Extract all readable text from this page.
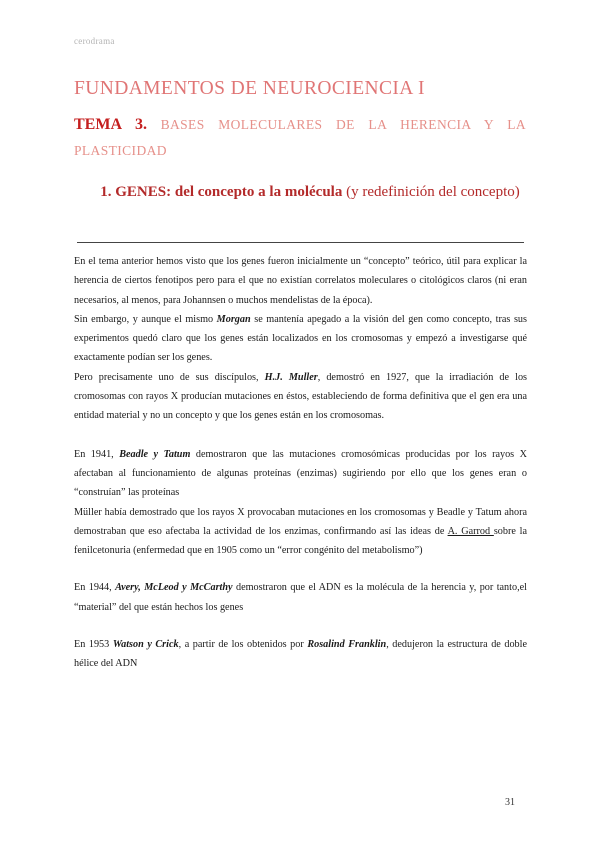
cerodrama
FUNDAMENTOS DE NEUROCIENCIA I
TEMA 3. BASES MOLECULARES DE LA HERENCIA Y LA PLASTICIDAD
1. GENES: del concepto a la molécula (y redefinición del concepto)

En el tema anterior hemos visto que los genes fueron inicialmente un “concepto” teórico, útil para explicar la herencia de ciertos fenotipos pero para el que no existían correlatos moleculares o citológicos claros (ni eran necesarios, al menos, para Johannsen o muchos mendelistas de la época).

Sin embargo, y aunque el mismo Morgan se mantenía apegado a la visión del gen como concepto, tras sus experimentos quedó claro que los genes están localizados en los cromosomas y empezó a investigarse qué exactamente podían ser los genes.

Pero precisamente uno de sus discípulos, H.J. Muller, demostró en 1927, que la irradiación de los cromosomas con rayos X producían mutaciones en éstos, estableciendo de forma definitiva que el gen era una entidad material y no un concepto y que los genes están en los cromosomas.

En 1941, Beadle y Tatum demostraron que las mutaciones cromosómicas producidas por los rayos X afectaban al funcionamiento de algunas proteínas (enzimas) sugiriendo por ello que los genes eran o “construían” las proteínas

Müller había demostrado que los rayos X provocaban mutaciones en los cromosomas y Beadle y Tatum ahora demostraban que eso afectaba la actividad de los enzimas, confirmando así las ideas de A. Garrod sobre la fenilcetonuria (enfermedad que en 1905 como un “error congénito del metabolismo”)

En 1944, Avery, McLeod y McCarthy demostraron que el ADN es la molécula de la herencia y, por tanto,el “material” del que están hechos los genes

En 1953 Watson y Crick, a partir de los obtenidos por Rosalind Franklin, dedujeron la estructura de doble hélice del ADN

31
